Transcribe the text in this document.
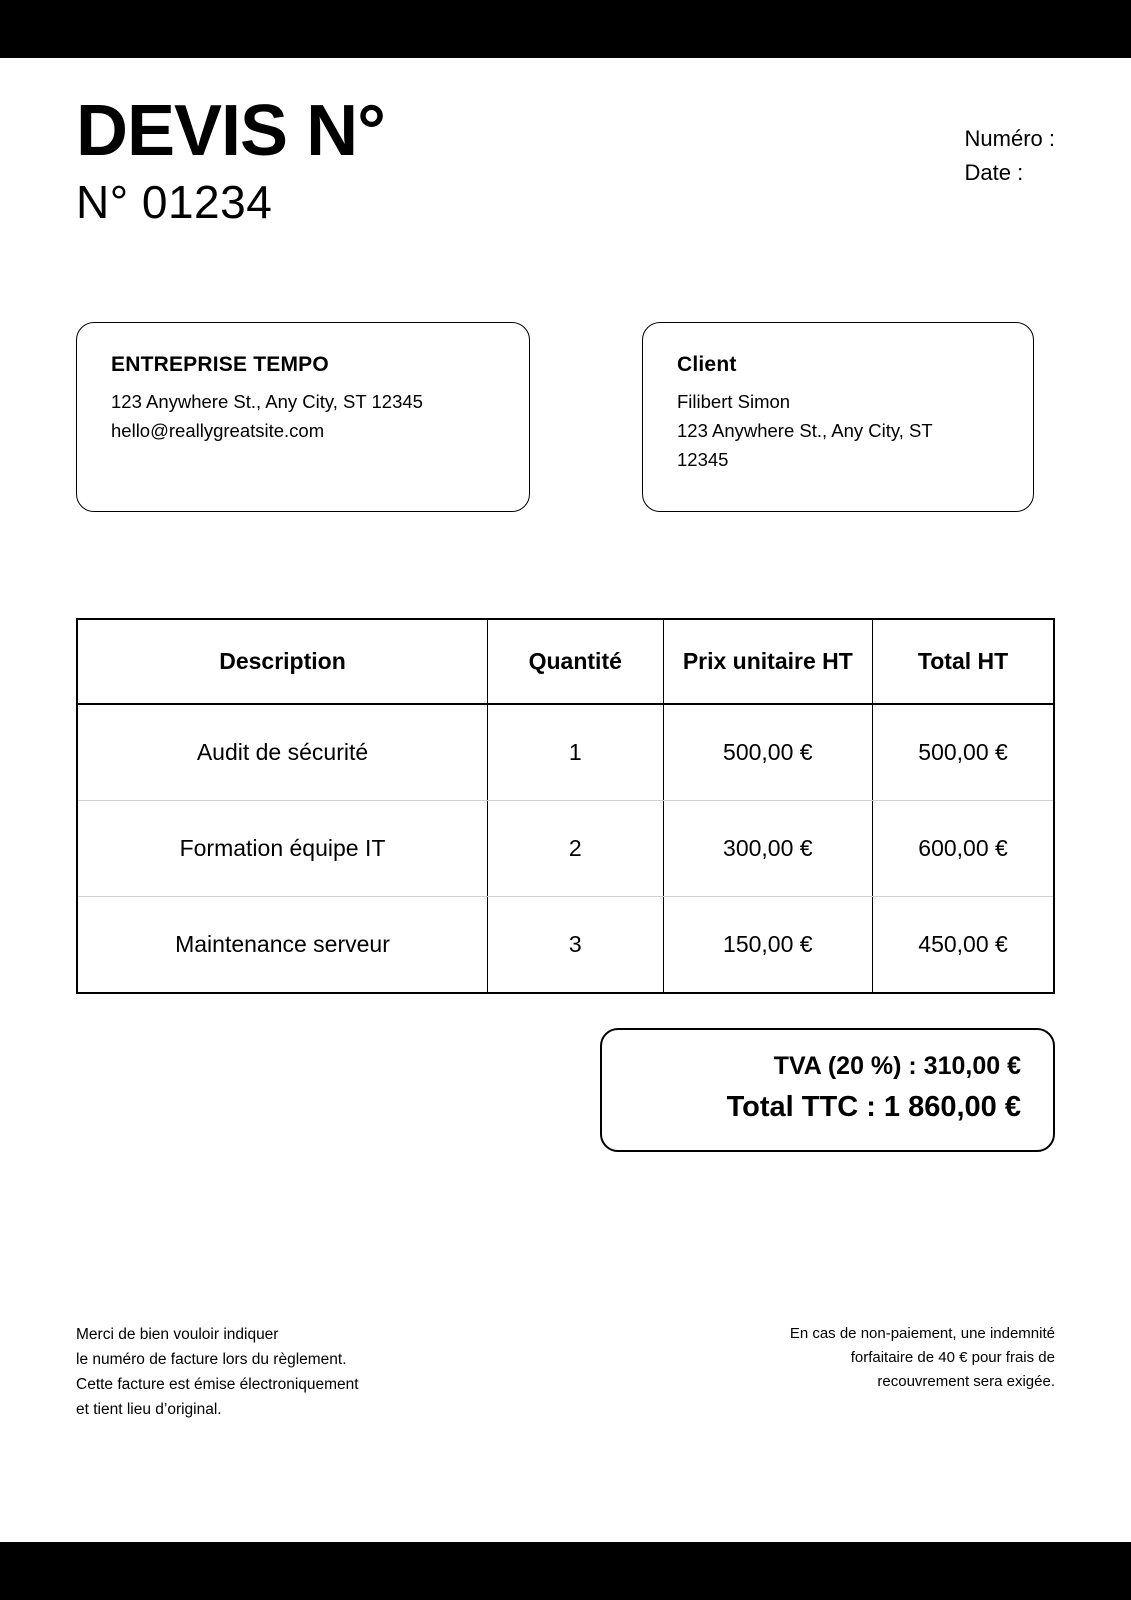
DEVIS N°
N° 01234
Numéro :
Date :
ENTREPRISE TEMPO

123 Anywhere St., Any City, ST 12345

hello@reallygreatsite.com

Client

Filibert Simon

123 Anywhere St., Any City, ST

12345

Description	Quantité	Prix unitaire HT	Total HT
Audit de sécurité	1	500,00 €	500,00 €
Formation équipe IT	2	300,00 €	600,00 €
Maintenance serveur	3	150,00 €	450,00 €

TVA (20 %) : 310,00 €

Total TTC : 1 860,00 €

Merci de bien vouloir indiquer
le numéro de facture lors du règlement.
Cette facture est émise électroniquement
et tient lieu d’original.
En cas de non-paiement, une indemnité
forfaitaire de 40 € pour frais de
recouvrement sera exigée.
